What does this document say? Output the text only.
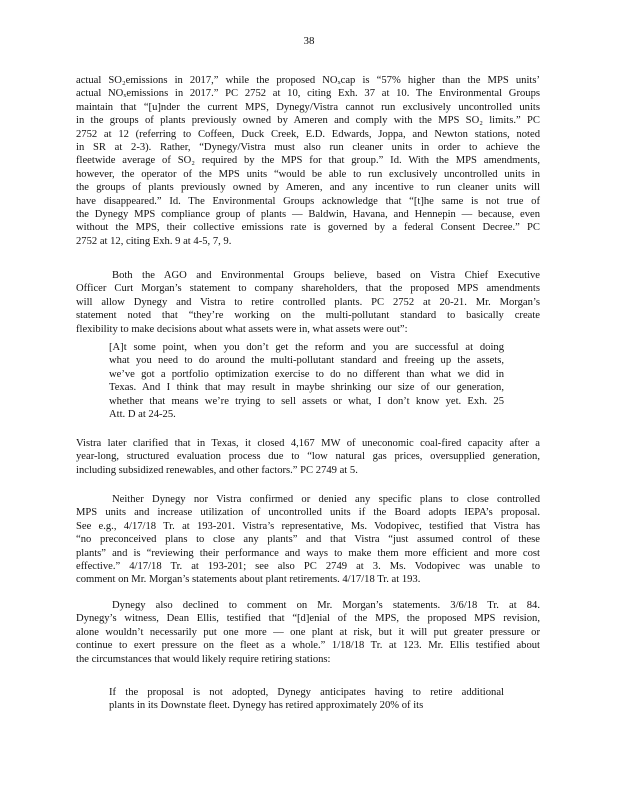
38
actual SO₂emissions in 2017,” while the proposed NOₓcap is “57% higher than the MPS units’
actual NOₓemissions in 2017.” PC 2752 at 10, citing Exh. 37 at 10. The Environmental Groups
maintain that “[u]nder the current MPS, Dynegy/Vistra cannot run exclusively uncontrolled units
in the groups of plants previously owned by Ameren and comply with the MPS SO₂ limits.” PC
2752 at 12 (referring to Coffeen, Duck Creek, E.D. Edwards, Joppa, and Newton stations, noted
in SR at 2-3). Rather, “Dynegy/Vistra must also run cleaner units in order to achieve the
fleetwide average of SO₂ required by the MPS for that group.” Id. With the MPS amendments,
however, the operator of the MPS units “would be able to run exclusively uncontrolled units in
the groups of plants previously owned by Ameren, and any incentive to run cleaner units will
have disappeared.” Id. The Environmental Groups acknowledge that “[t]he same is not true of
the Dynegy MPS compliance group of plants — Baldwin, Havana, and Hennepin — because, even
without the MPS, their collective emissions rate is governed by a federal Consent Decree.” PC
2752 at 12, citing Exh. 9 at 4-5, 7, 9.
Both the AGO and Environmental Groups believe, based on Vistra Chief Executive
Officer Curt Morgan’s statement to company shareholders, that the proposed MPS amendments
will allow Dynegy and Vistra to retire controlled plants. PC 2752 at 20-21. Mr. Morgan’s
statement noted that “they’re working on the multi-pollutant standard to basically create
flexibility to make decisions about what assets were in, what assets were out”:
[A]t some point, when you don’t get the reform and you are successful at doing
what you need to do around the multi-pollutant standard and freeing up the assets,
we’ve got a portfolio optimization exercise to do no different than what we did in
Texas. And I think that may result in maybe shrinking our size of our generation,
whether that means we’re trying to sell assets or what, I don’t know yet. Exh. 25
Att. D at 24-25.
Vistra later clarified that in Texas, it closed 4,167 MW of uneconomic coal-fired capacity after a
year-long, structured evaluation process due to “low natural gas prices, oversupplied generation,
including subsidized renewables, and other factors.” PC 2749 at 5.
Neither Dynegy nor Vistra confirmed or denied any specific plans to close controlled
MPS units and increase utilization of uncontrolled units if the Board adopts IEPA’s proposal.
See e.g., 4/17/18 Tr. at 193-201. Vistra’s representative, Ms. Vodopivec, testified that Vistra has
“no preconceived plans to close any plants” and that Vistra “just assumed control of these
plants” and is “reviewing their performance and ways to make them more efficient and more cost
effective.” 4/17/18 Tr. at 193-201; see also PC 2749 at 3. Ms. Vodopivec was unable to
comment on Mr. Morgan’s statements about plant retirements. 4/17/18 Tr. at 193.
Dynegy also declined to comment on Mr. Morgan’s statements. 3/6/18 Tr. at 84.
Dynegy’s witness, Dean Ellis, testified that “[d]enial of the MPS, the proposed MPS revision,
alone wouldn’t necessarily put one more — one plant at risk, but it will put greater pressure or
continue to exert pressure on the fleet as a whole.” 1/18/18 Tr. at 123. Mr. Ellis testified about
the circumstances that would likely require retiring stations:
If the proposal is not adopted, Dynegy anticipates having to retire additional
plants in its Downstate fleet. Dynegy has retired approximately 20% of its
